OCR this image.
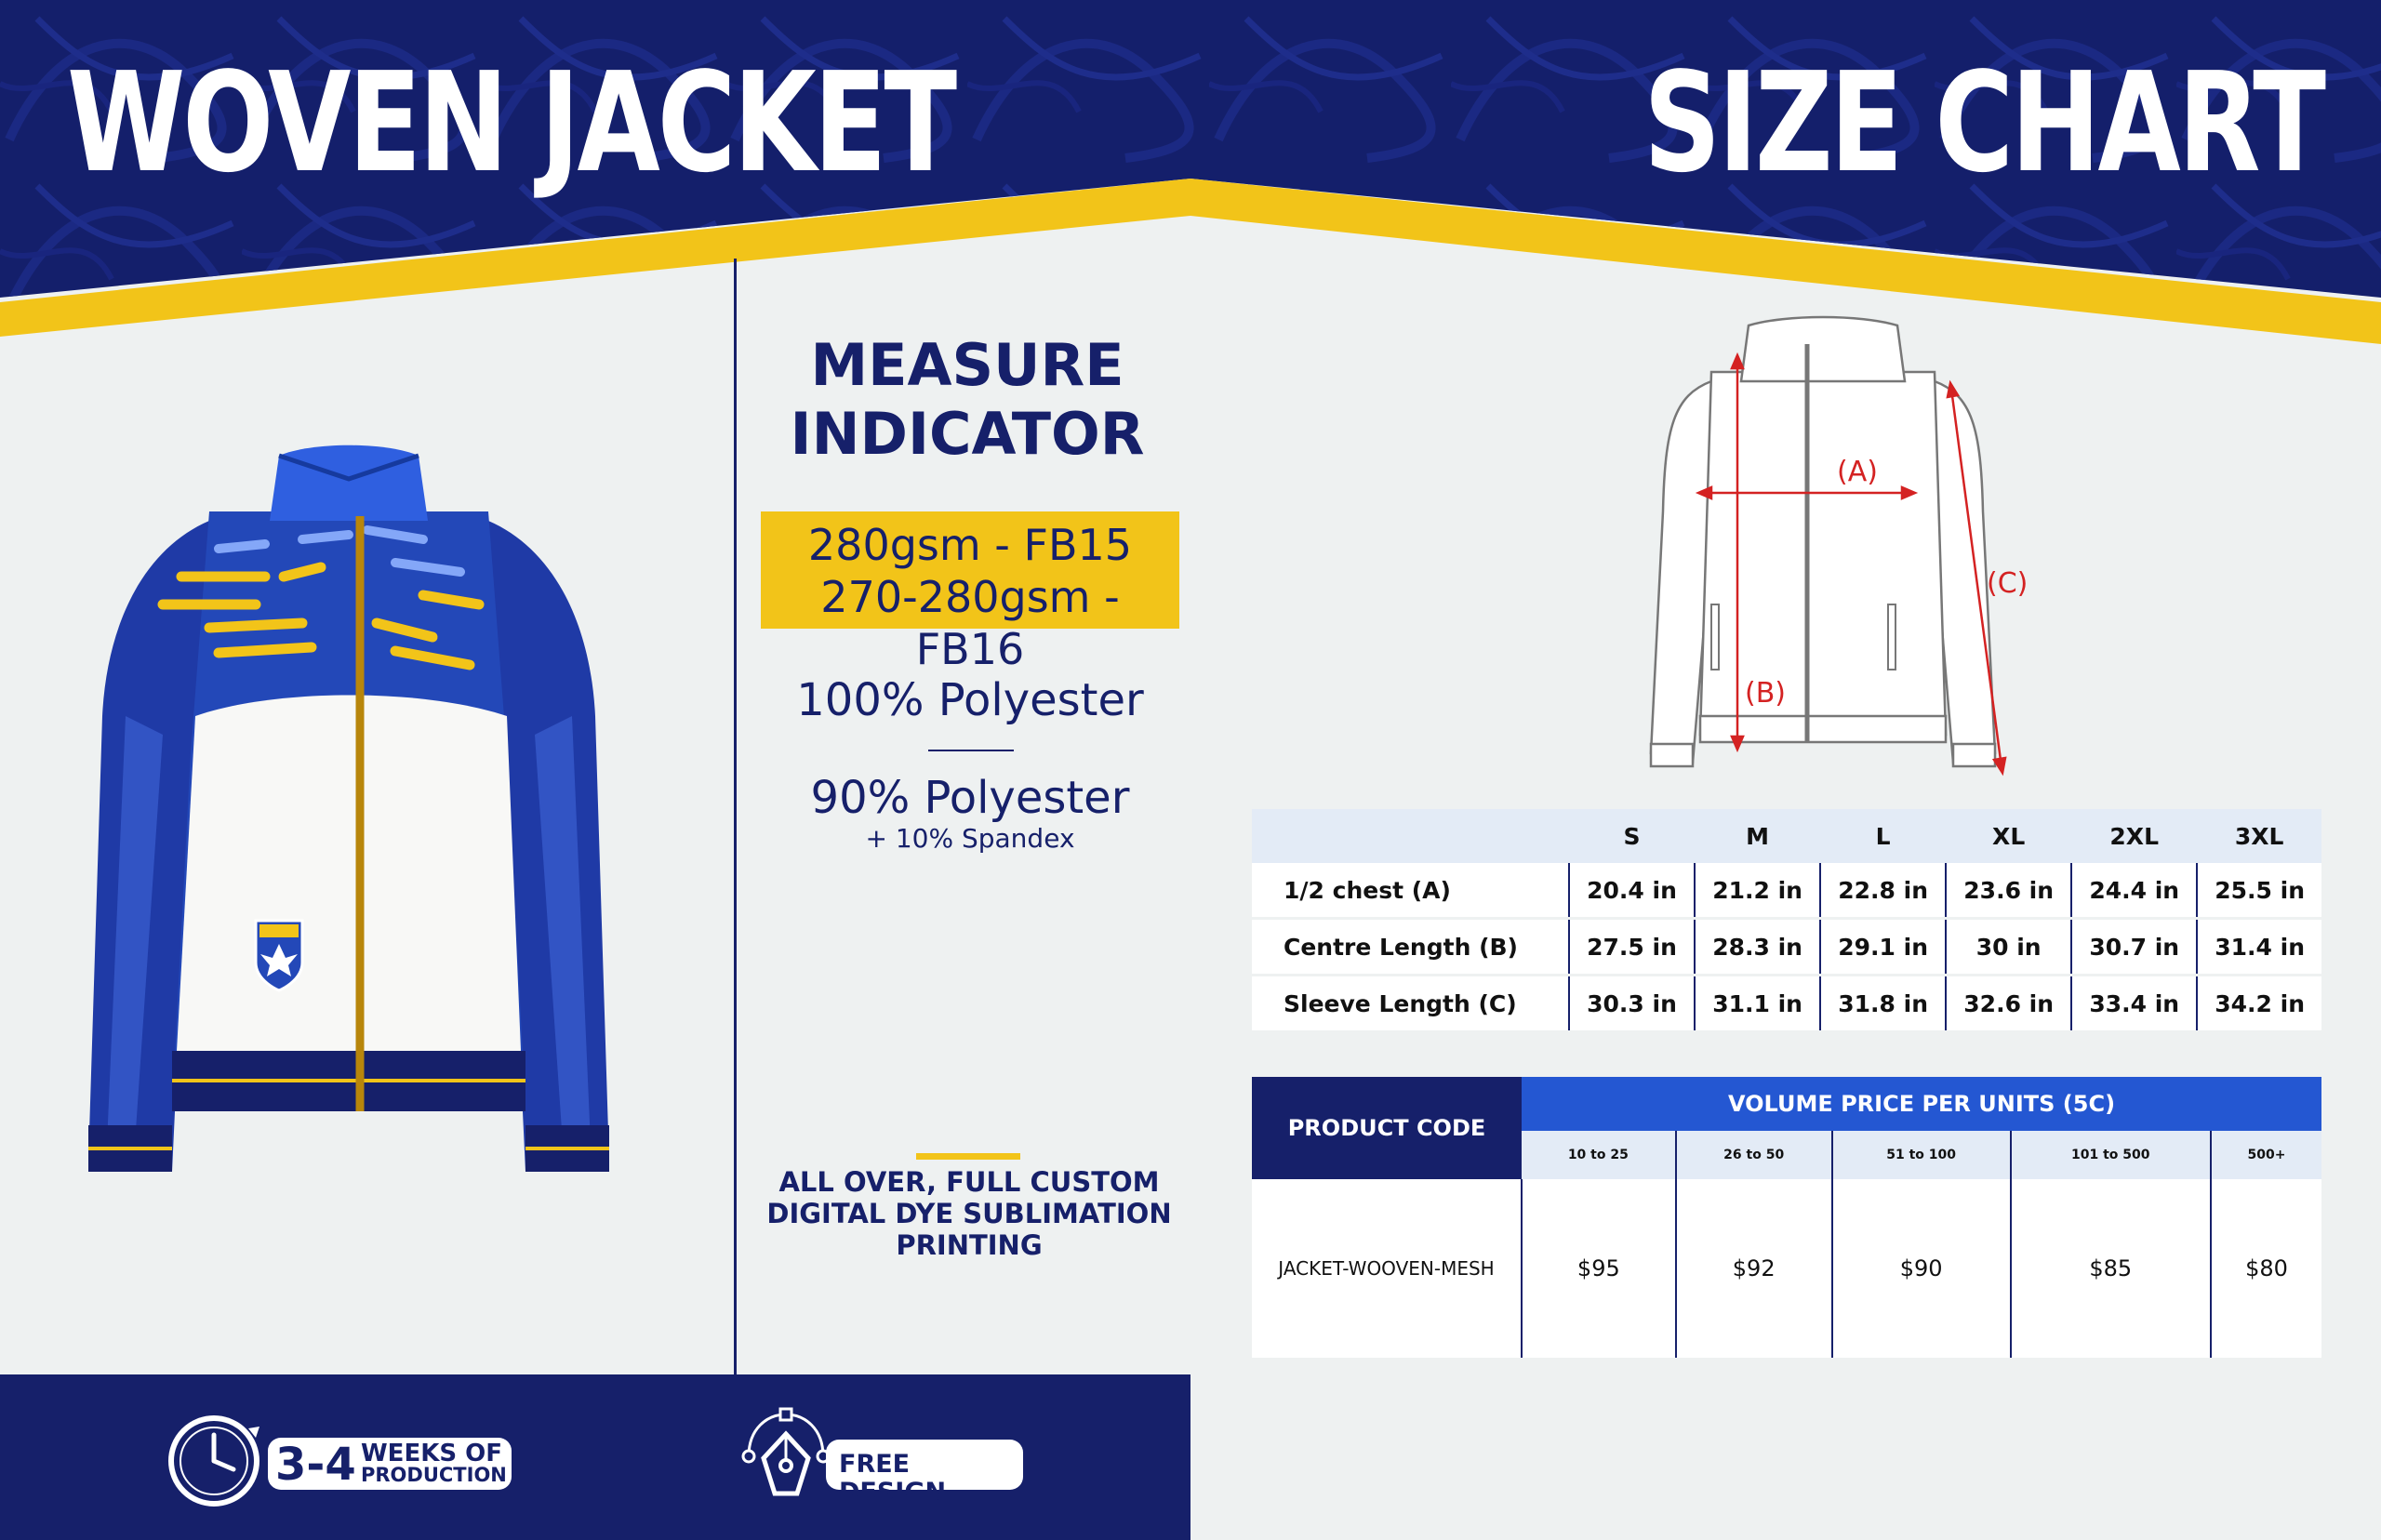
WOVEN JACKET	SIZE CHART
MEASURE
INDICATOR
280gsm - FB15
270-280gsm - FB16
100% Polyester
90% Polyester
+ 10% Spandex
ALL OVER, FULL CUSTOM
DIGITAL DYE SUBLIMATION
PRINTING
(A)
(B)
(C)
	S	M	L	XL	2XL	3XL
1/2 chest (A)	20.4 in	21.2 in	22.8 in	23.6 in	24.4 in	25.5 in
Centre Length (B)	27.5 in	28.3 in	29.1 in	30 in	30.7 in	31.4 in
Sleeve Length (C)	30.3 in	31.1 in	31.8 in	32.6 in	33.4 in	34.2 in
PRODUCT CODE	VOLUME PRICE PER UNITS (5C)				
	10 to 25	26 to 50	51 to 100	101 to 500	500+
JACKET-WOOVEN-MESH	$95	$92	$90	$85	$80
3-4 WEEKS OF
PRODUCTION	FREE DESIGN
